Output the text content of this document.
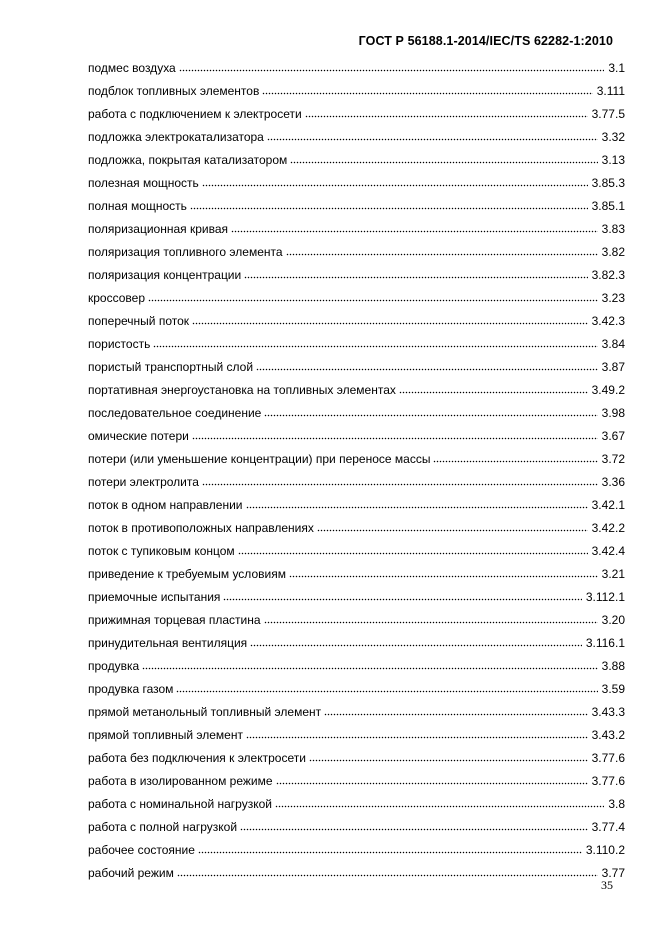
ГОСТ Р 56188.1-2014/IEC/TS 62282-1:2010
подмес воздуха	3.1
подблок топливных элементов	3.111
работа с подключением к электросети	3.77.5
подложка электрокатализатора	3.32
подложка, покрытая катализатором	3.13
полезная мощность	3.85.3
полная мощность	3.85.1
поляризационная кривая	3.83
поляризация топливного элемента	3.82
поляризация концентрации	3.82.3
кроссовер	3.23
поперечный поток	3.42.3
пористость	3.84
пористый транспортный слой	3.87
портативная энергоустановка на топливных элементах	3.49.2
последовательное соединение	3.98
омические потери	3.67
потери (или уменьшение концентрации) при переносе массы	3.72
потери электролита	3.36
поток в одном направлении	3.42.1
поток в противоположных направлениях	3.42.2
поток с тупиковым концом	3.42.4
приведение к требуемым условиям	3.21
приемочные испытания	3.112.1
прижимная торцевая пластина	3.20
принудительная вентиляция	3.116.1
продувка	3.88
продувка газом	3.59
прямой метанольный топливный элемент	3.43.3
прямой топливный элемент	3.43.2
работа без подключения к электросети	3.77.6
работа в изолированном режиме	3.77.6
работа с номинальной нагрузкой	3.8
работа с полной нагрузкой	3.77.4
рабочее состояние	3.110.2
рабочий режим	3.77
35
